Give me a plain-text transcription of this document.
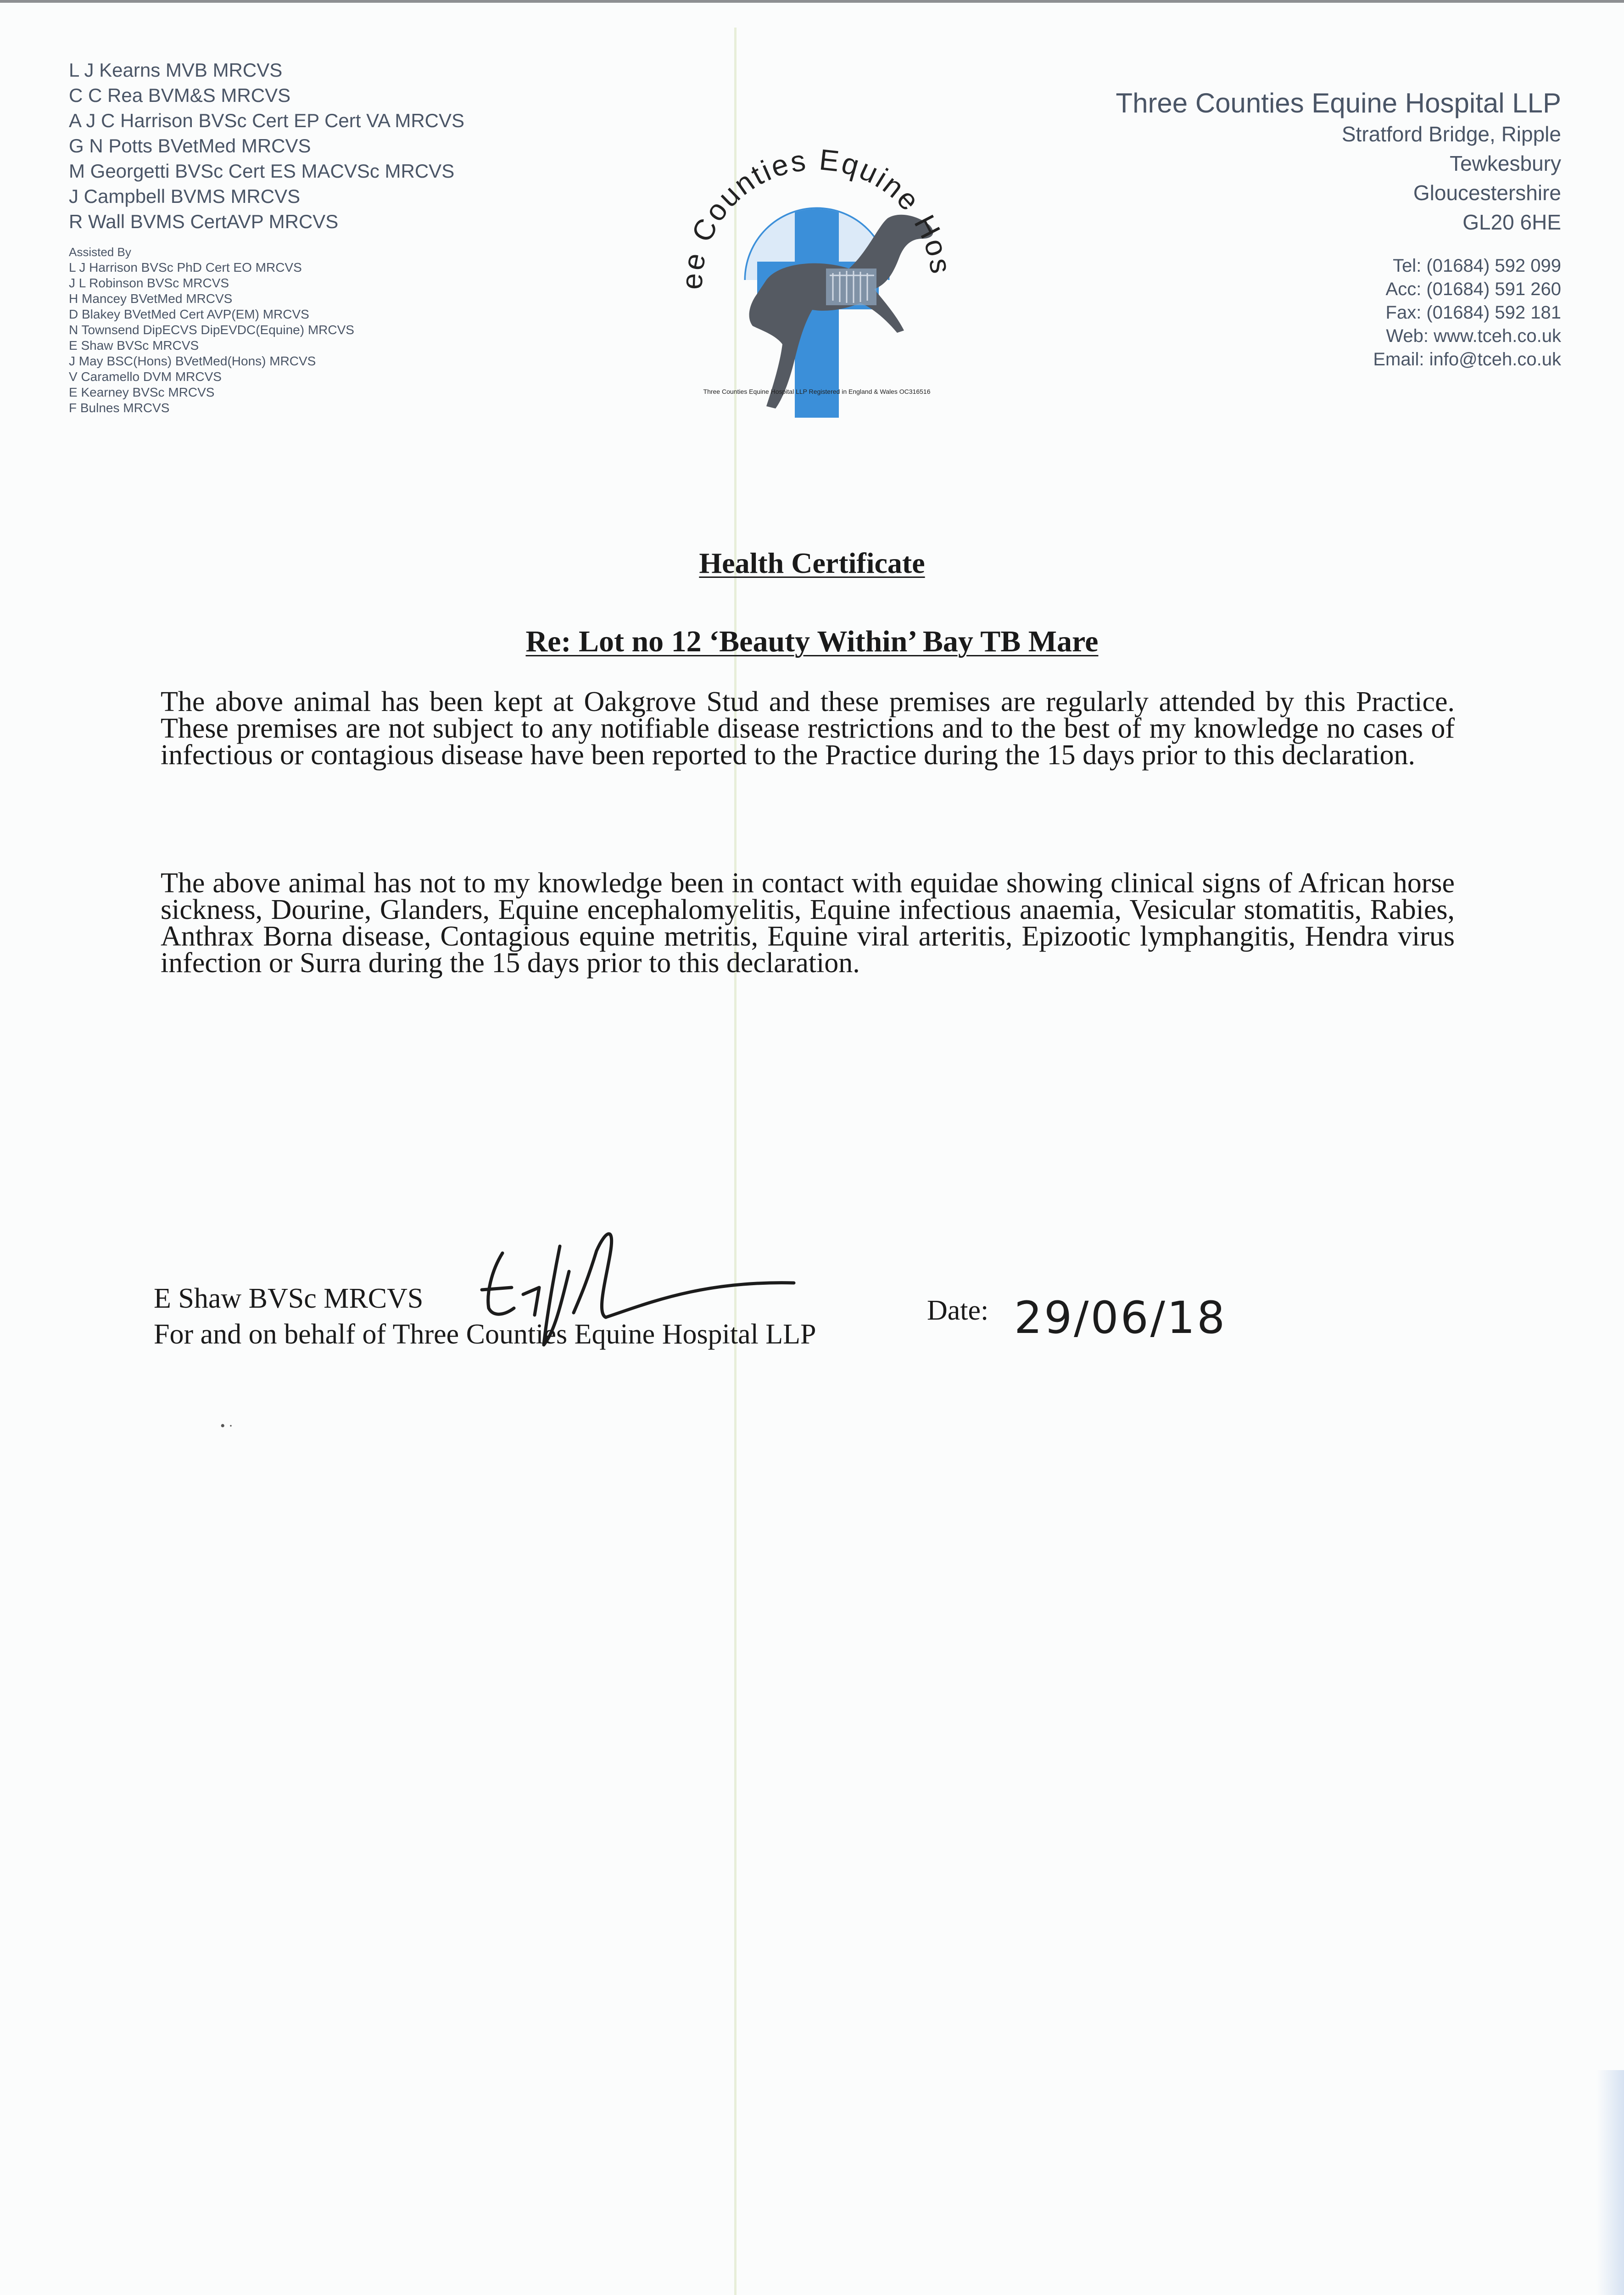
L J Kearns MVB MRCVS
C C Rea BVM&S MRCVS
A J C Harrison BVSc Cert EP Cert VA MRCVS
G N Potts BVetMed MRCVS
M Georgetti BVSc Cert ES MACVSc MRCVS
J Campbell BVMS MRCVS
R Wall BVMS CertAVP MRCVS
Assisted By
L J Harrison BVSc PhD Cert EO MRCVS
J L Robinson BVSc MRCVS
H Mancey BVetMed MRCVS
D Blakey BVetMed Cert AVP(EM) MRCVS
N Townsend DipECVS DipEVDC(Equine) MRCVS
E Shaw BVSc MRCVS
J May BSC(Hons) BVetMed(Hons) MRCVS
V Caramello DVM MRCVS
E Kearney BVSc MRCVS
F Bulnes MRCVS
ee Counties Equine Hos
Three Counties Equine Hospital LLP Registered in England & Wales OC316516
Three Counties Equine Hospital LLP
Stratford Bridge, Ripple
Tewkesbury
Gloucestershire
GL20 6HE
Tel: (01684) 592 099
Acc: (01684) 591 260
Fax: (01684) 592 181
Web: www.tceh.co.uk
Email: info@tceh.co.uk
Health Certificate
Re: Lot no 12 ‘Beauty Within’ Bay TB Mare

The above animal has been kept at Oakgrove Stud and these premises are regularly attended by this Practice. These premises are not subject to any notifiable disease restrictions and to the best of my knowledge no cases of infectious or contagious disease have been reported to the Practice during the 15 days prior to this declaration.

The above animal has not to my knowledge been in contact with equidae showing clinical signs of African horse sickness, Dourine, Glanders, Equine encephalomyelitis, Equine infectious anaemia, Vesicular stomatitis, Rabies, Anthrax Borna disease, Contagious equine metritis, Equine viral arteritis, Epizootic lymphangitis, Hendra virus infection or Surra during the 15 days prior to this declaration.

E Shaw BVSc MRCVS
For and on behalf of Three Counties Equine Hospital LLP
Date: 29/06/18
• ·
